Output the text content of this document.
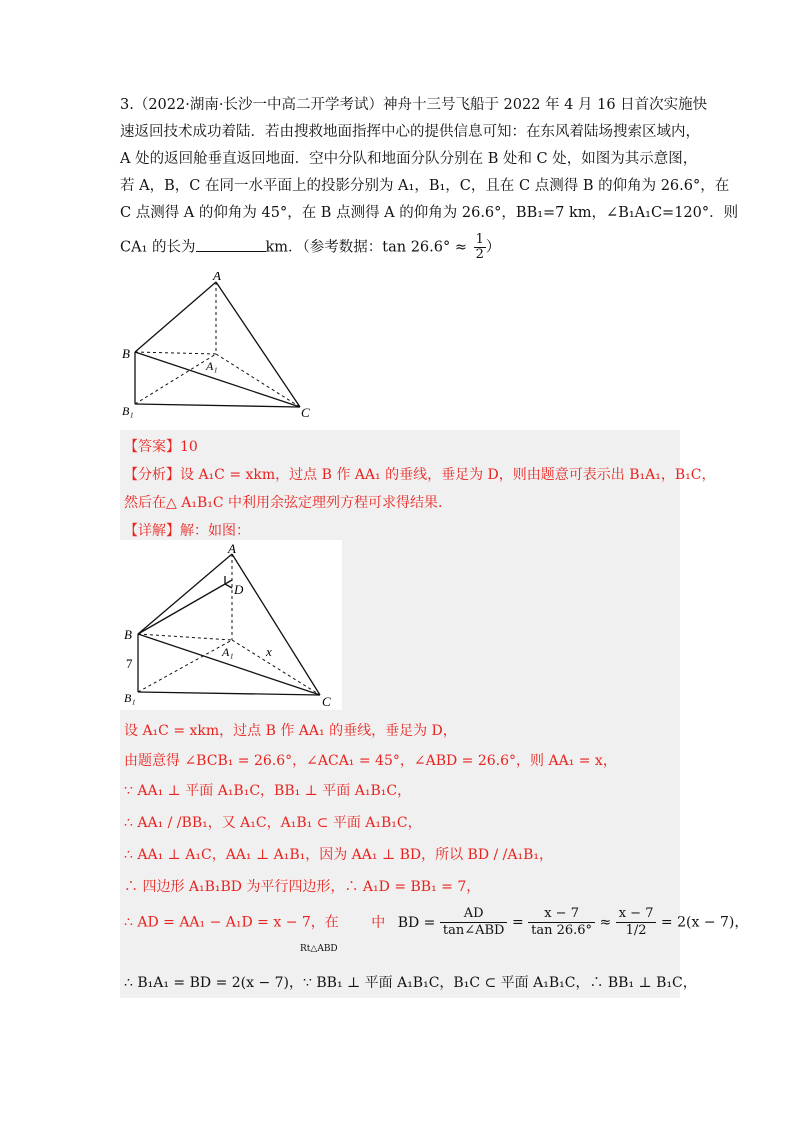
3.（2022·湖南·长沙一中高二开学考试）神舟十三号飞船于 2022 年 4 月 16 日首次实施快

速返回技术成功着陆．若由搜救地面指挥中心的提供信息可知：在东风着陆场搜索区域内，

A 处的返回舱垂直返回地面．空中分队和地面分队分别在 B 处和 C 处，如图为其示意图，

若 A，B，C 在同一水平面上的投影分别为 A₁，B₁，C，且在 C 点测得 B 的仰角为 26.6°，在

C 点测得 A 的仰角为 45°，在 B 点测得 A 的仰角为 26.6°，BB₁=7 km，∠B₁A₁C=120°．则

CA₁ 的长为	km．（参考数据：$\tan 26.6^\circ \approx \frac{1}{2}$ ）

A
B
A₁
B₁	C
【答案】10
【分析】设 A₁C = xkm，过点 B 作 AA₁ 的垂线，垂足为 D，则由题意可表示出 B₁A₁，B₁C，
然后在△ A₁B₁C 中利用余弦定理列方程可求得结果.
【详解】解：如图：
A
D
B
7
A₁ x
B₁	C
设 A₁C = xkm，过点 B 作 AA₁ 的垂线，垂足为 D，
由题意得 ∠BCB₁ = 26.6°，∠ACA₁ = 45°，∠ABD = 26.6°，则 AA₁ = x，
∵ AA₁ ⊥ 平面 A₁B₁C，BB₁ ⊥ 平面 A₁B₁C，
∴ AA₁ / /BB₁，又 A₁C，A₁B₁ ⊂ 平面 A₁B₁C，
∴ AA₁ ⊥ A₁C，AA₁ ⊥ A₁B₁，因为 AA₁ ⊥ BD，所以 BD / /A₁B₁，
∴ 四边形 A₁B₁BD 为平行四边形，∴ A₁D = BB₁ = 7，
∴ AD = AA₁ − A₁D = x − 7，在 中 BD =
AD
tan∠ABD = $\frac{x - 7}{\tan 26.6^\circ} \approx \frac{x - 7}{1/2} = 2(x - 7)$，
Rt△ABD
∴ B₁A₁ = BD = 2(x − 7)，∵ BB₁ ⊥ 平面 A₁B₁C，B₁C ⊂ 平面 A₁B₁C，∴ BB₁ ⊥ B₁C，
